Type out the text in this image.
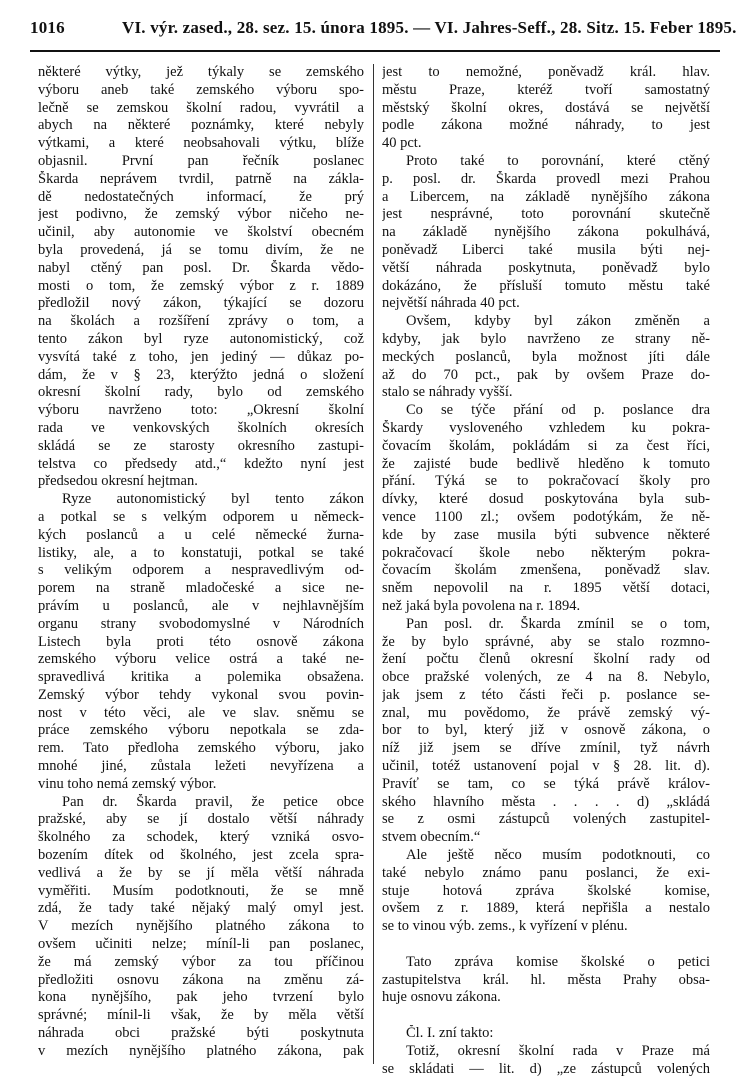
1016	VI. výr. zased., 28. sez. 15. února 1895. — VI. Jahres-Seff., 28. Sitz. 15. Feber 1895.
některé výtky, jež týkaly se zemského
výboru aneb také zemského výboru spo-
lečně se zemskou školní radou, vyvrátil a
abych na některé poznámky, které nebyly
výtkami, a které neobsahovali výtku, blíže
objasnil. První pan řečník poslanec
Škarda neprávem tvrdil, patrně na zákla-
dě nedostatečných informací, že prý
jest podivno, že zemský výbor ničeho ne-
učinil, aby autonomie ve školství obecném
byla provedená, já se tomu divím, že ne
nabyl ctěný pan posl. Dr. Škarda vědo-
mosti o tom, že zemský výbor z r. 1889
předložil nový zákon, týkající se dozoru
na školách a rozšíření zprávy o tom, a
tento zákon byl ryze autonomistický, což
vysvítá také z toho, jen jediný — důkaz po-
dám, že v § 23, kterýžto jedná o složení
okresní školní rady, bylo od zemského
výboru navrženo toto: „Okresní školní
rada ve venkovských školních okresích
skládá se ze starosty okresního zastupi-
telstva co předsedy atd.,“ kdežto nyní jest
předsedou okresní hejtman.
Ryze autonomistický byl tento zákon
a potkal se s velkým odporem u německ-
kých poslanců a u celé německé žurna-
listiky, ale, a to konstatuji, potkal se také
s velikým odporem a nespravedlivým od-
porem na straně mladočeské a sice ne-
právím u poslanců, ale v nejhlavnějším
organu strany svobodomyslné v Národních
Listech byla proti této osnově zákona
zemského výboru velice ostrá a také ne-
spravedlivá kritika a polemika obsažena.
Zemský výbor tehdy vykonal svou povin-
nost v této věci, ale ve slav. sněmu se
práce zemského výboru nepotkala se zda-
rem. Tato předloha zemského výboru, jako
mnohé jiné, zůstala ležeti nevyřízena a
vinu toho nemá zemský výbor.
Pan dr. Škarda pravil, že petice obce
pražské, aby se jí dostalo větší náhrady
školného za schodek, který vzniká osvo-
bozením dítek od školného, jest zcela spra-
vedlivá a že by se jí měla větší náhrada
vyměřiti. Musím podotknouti, že se mně
zdá, že tady také nějaký malý omyl jest.
V mezích nynějšího platného zákona to
ovšem učiniti nelze; míníl-li pan poslanec,
že má zemský výbor za tou příčinou
předložiti osnovu zákona na změnu zá-
kona nynějšího, pak jeho tvrzení bylo
správné; mínil-li však, že by měla větší
náhrada obci pražské býti poskytnuta
v mezích nynějšího platného zákona, pak
jest to nemožné, poněvadž král. hlav.
městu Praze, kteréž tvoří samostatný
městský školní okres, dostává se největší
podle zákona možné náhrady, to jest
40 pct.
Proto také to porovnání, které ctěný
p. posl. dr. Škarda provedl mezi Prahou
a Libercem, na základě nynějšího zákona
jest nesprávné, toto porovnání skutečně
na základě nynějšího zákona pokulhává,
poněvadž Liberci také musila býti nej-
větší náhrada poskytnuta, poněvadž bylo
dokázáno, že přísluší tomuto městu také
největší náhrada 40 pct.
Ovšem, kdyby byl zákon změněn a
kdyby, jak bylo navrženo ze strany ně-
meckých poslanců, byla možnost jíti dále
až do 70 pct., pak by ovšem Praze do-
stalo se náhrady vyšší.
Co se týče přání od p. poslance dra
Škardy vysloveného vzhledem ku pokra-
čovacím školám, pokládám si za čest říci,
že zajisté bude bedlivě hleděno k tomuto
přání. Týká se to pokračovací školy pro
dívky, které dosud poskytována byla sub-
vence 1100 zl.; ovšem podotýkám, že ně-
kde by zase musila býti subvence některé
pokračovací škole nebo některým pokra-
čovacím školám zmenšena, poněvadž slav.
sněm nepovolil na r. 1895 větší dotaci,
než jaká byla povolena na r. 1894.
Pan posl. dr. Škarda zmínil se o tom,
že by bylo správné, aby se stalo rozmno-
žení počtu členů okresní školní rady od
obce pražské volených, ze 4 na 8. Nebylo,
jak jsem z této části řeči p. poslance se-
znal, mu povědomo, že právě zemský vý-
bor to byl, který již v osnově zákona, o
níž již jsem se dříve zmínil, tyž návrh
učinil, totéž ustanovení pojal v § 28. lit. d).
Pravíť se tam, co se týká právě králov-
ského hlavního města . . . . d) „skládá
se z osmi zástupců volených zastupitel-
stvem obecním.“
Ale ještě něco musím podotknouti, co
také nebylo známo panu poslanci, že exi-
stuje hotová zpráva školské komise,
ovšem z r. 1889, která nepřišla a nestalo
se to vinou výb. zems., k vyřízení v plénu.

Tato zpráva komise školské o petici
zastupitelstva král. hl. města Prahy obsa-
huje osnovu zákona.

Čl. I. zní takto:
Totiž, okresní školní rada v Praze má
se skládati — lit. d) „ze zástupců volených
